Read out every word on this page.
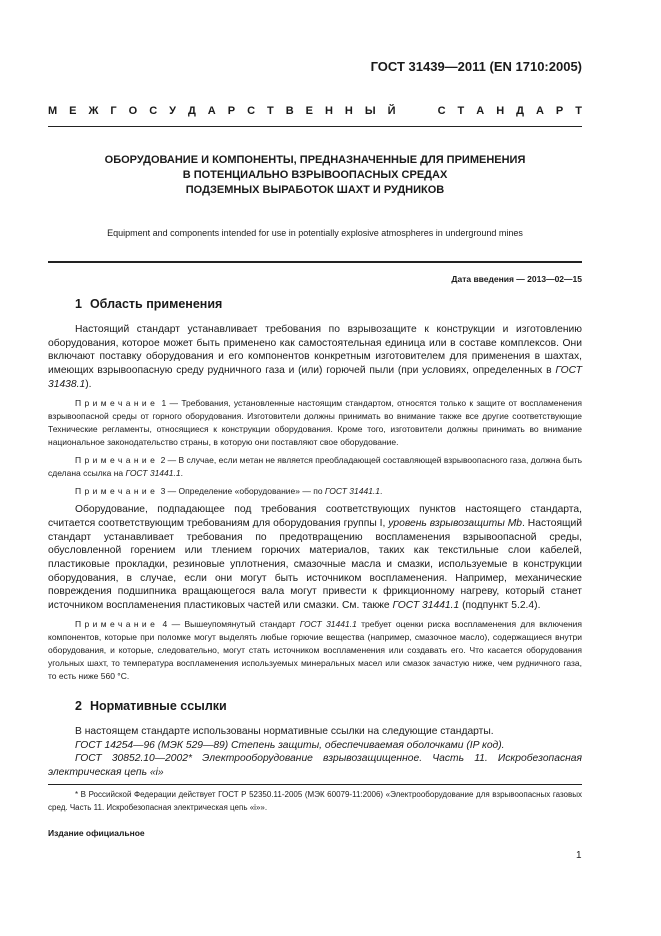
ГОСТ 31439—2011 (EN 1710:2005)
М Е Ж Г О С У Д А Р С Т В Е Н Н Ы Й

	С Т А Н Д А Р Т
ОБОРУДОВАНИЕ И КОМПОНЕНТЫ, ПРЕДНАЗНАЧЕННЫЕ ДЛЯ ПРИМЕНЕНИЯ
В ПОТЕНЦИАЛЬНО ВЗРЫВООПАСНЫХ СРЕДАХ
ПОДЗЕМНЫХ ВЫРАБОТОК ШАХТ И РУДНИКОВ
Equipment and components intended for use in potentially explosive atmospheres in underground mines
Дата введения — 2013—02—15
1 Область применения

Настоящий стандарт устанавливает требования по взрывозащите к конструкции и изготовлению оборудования, которое может быть применено как самостоятельная единица или в составе комплексов. Они включают поставку оборудования и его компонентов конкретным изготовителем для применения в шахтах, имеющих взрывоопасную среду рудничного газа и (или) горючей пыли (при условиях, определенных в ГОСТ 31438.1).

Примечание 1 — Требования, установленные настоящим стандартом, относятся только к защите от воспламенения взрывоопасной среды от горного оборудования. Изготовители должны принимать во внимание также все другие соответствующие Технические регламенты, относящиеся к конструкции оборудования. Кроме того, изготовители должны принимать во внимание национальное законодательство страны, в которую они поставляют свое оборудование.

Примечание 2 — В случае, если метан не является преобладающей составляющей взрывоопасного газа, должна быть сделана ссылка на ГОСТ 31441.1.

Примечание 3 — Определение «оборудование» — по ГОСТ 31441.1.

Оборудование, подпадающее под требования соответствующих пунктов настоящего стандарта, считается соответствующим требованиям для оборудования группы I, уровень взрывозащиты Mb. Настоящий стандарт устанавливает требования по предотвращению воспламенения взрывоопасной среды, обусловленной горением или тлением горючих материалов, таких как текстильные слои кабелей, пластиковые прокладки, резиновые уплотнения, смазочные масла и смазки, используемые в конструкции оборудования, в случае, если они могут быть источником воспламенения. Например, механические повреждения подшипника вращающегося вала могут привести к фрикционному нагреву, который станет источником воспламенения пластиковых частей или смазки. См. также ГОСТ 31441.1 (подпункт 5.2.4).

Примечание 4 — Вышеупомянутый стандарт ГОСТ 31441.1 требует оценки риска воспламенения для включения компонентов, которые при поломке могут выделять любые горючие вещества (например, смазочное масло), содержащиеся внутри оборудования, и которые, следовательно, могут стать источником воспламенения или создавать его. Что касается оборудования угольных шахт, то температура воспламенения используемых минеральных масел или смазок зачастую ниже, чем рудничного газа, то есть ниже 560 °С.

2 Нормативные ссылки

В настоящем стандарте использованы нормативные ссылки на следующие стандарты.

ГОСТ 14254—96 (МЭК 529—89) Степень защиты, обеспечиваемая оболочками (IP код).

ГОСТ 30852.10—2002* Электрооборудование взрывозащищенное. Часть 11. Искробезопасная электрическая цепь «i»

* В Российской Федерации действует ГОСТ Р 52350.11-2005 (МЭК 60079-11:2006) «Электрооборудование для взрывоопасных газовых сред. Часть 11. Искробезопасная электрическая цепь «i»».
Издание официальное
1
